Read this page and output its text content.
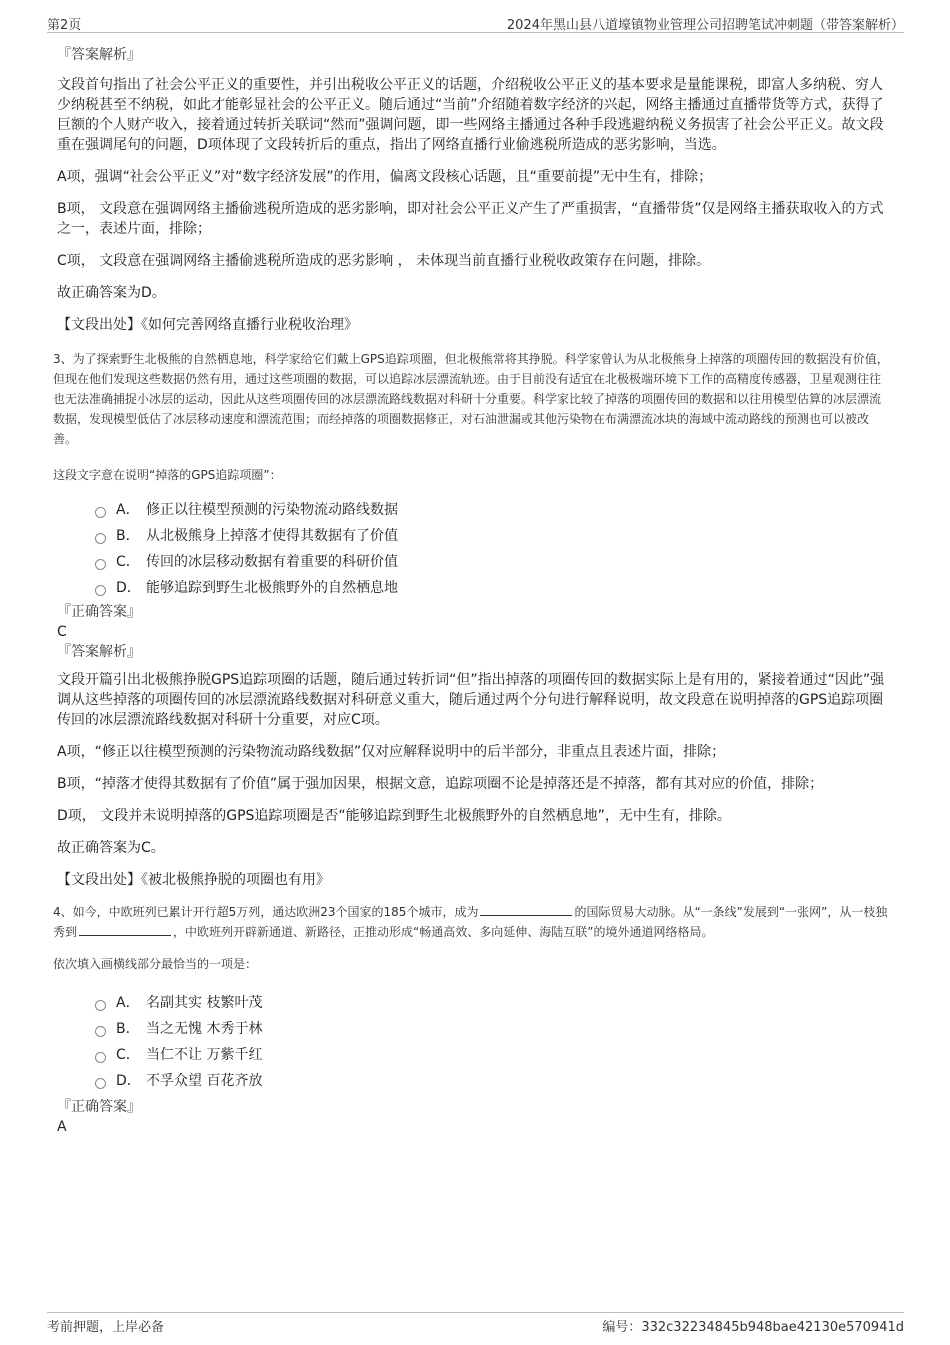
第2页	2024年黑山县八道壕镇物业管理公司招聘笔试冲刺题（带答案解析）
『答案解析』

文段首句指出了社会公平正义的重要性，并引出税收公平正义的话题，介绍税收公平正义的基本要求是量能课税，即富人多纳税、穷人少纳税甚至不纳税，如此才能彰显社会的公平正义。随后通过“当前”介绍随着数字经济的兴起，网络主播通过直播带货等方式，获得了巨额的个人财产收入，接着通过转折关联词“然而”强调问题，即一些网络主播通过各种手段逃避纳税义务损害了社会公平正义。故文段重在强调尾句的问题，D项体现了文段转折后的重点，指出了网络直播行业偷逃税所造成的恶劣影响，当选。

A项，强调“社会公平正义”对“数字经济发展”的作用，偏离文段核心话题，且“重要前提”无中生有，排除；

B项， 文段意在强调网络主播偷逃税所造成的恶劣影响，即对社会公平正义产生了严重损害，“直播带货”仅是网络主播获取收入的方式之一，表述片面，排除；

C项， 文段意在强调网络主播偷逃税所造成的恶劣影响 ， 未体现当前直播行业税收政策存在问题，排除。

故正确答案为D。

【文段出处】《如何完善网络直播行业税收治理》

3、为了探索野生北极熊的自然栖息地，科学家给它们戴上GPS追踪项圈，但北极熊常将其挣脱。科学家曾认为从北极熊身上掉落的项圈传回的数据没有价值，但现在他们发现这些数据仍然有用，通过这些项圈的数据，可以追踪冰层漂流轨迹。由于目前没有适宜在北极极端环境下工作的高精度传感器，卫星观测往往也无法准确捕捉小冰层的运动，因此从这些项圈传回的冰层漂流路线数据对科研十分重要。科学家比较了掉落的项圈传回的数据和以往用模型估算的冰层漂流数据，发现模型低估了冰层移动速度和漂流范围；而经掉落的项圈数据修正，对石油泄漏或其他污染物在布满漂流冰块的海域中流动路线的预测也可以被改善。

这段文字意在说明“掉落的GPS追踪项圈”：

A． 修正以往模型预测的污染物流动路线数据
B． 从北极熊身上掉落才使得其数据有了价值
C． 传回的冰层移动数据有着重要的科研价值
D． 能够追踪到野生北极熊野外的自然栖息地
『正确答案』
C
『答案解析』

文段开篇引出北极熊挣脱GPS追踪项圈的话题，随后通过转折词“但”指出掉落的项圈传回的数据实际上是有用的，紧接着通过“因此”强调从这些掉落的项圈传回的冰层漂流路线数据对科研意义重大，随后通过两个分句进行解释说明，故文段意在说明掉落的GPS追踪项圈传回的冰层漂流路线数据对科研十分重要，对应C项。

A项，“修正以往模型预测的污染物流动路线数据”仅对应解释说明中的后半部分，非重点且表述片面，排除；

B项，“掉落才使得其数据有了价值”属于强加因果，根据文意，追踪项圈不论是掉落还是不掉落，都有其对应的价值，排除；

D项， 文段并未说明掉落的GPS追踪项圈是否“能够追踪到野生北极熊野外的自然栖息地”，无中生有，排除。

故正确答案为C。

【文段出处】《被北极熊挣脱的项圈也有用》

4、如今，中欧班列已累计开行超5万列，通达欧洲23个国家的185个城市，成为	的国际贸易大动脉。从“一条线”发展到“一张网”，从一枝独秀到	，中欧班列开辟新通道、新路径，正推动形成“畅通高效、多向延伸、海陆互联”的境外通道网络格局。

依次填入画横线部分最恰当的一项是：

A． 名副其实 枝繁叶茂
B． 当之无愧 木秀于林
C． 当仁不让 万紫千红
D． 不孚众望 百花齐放
『正确答案』
A
考前押题，上岸必备	编号：332c32234845b948bae42130e570941d
